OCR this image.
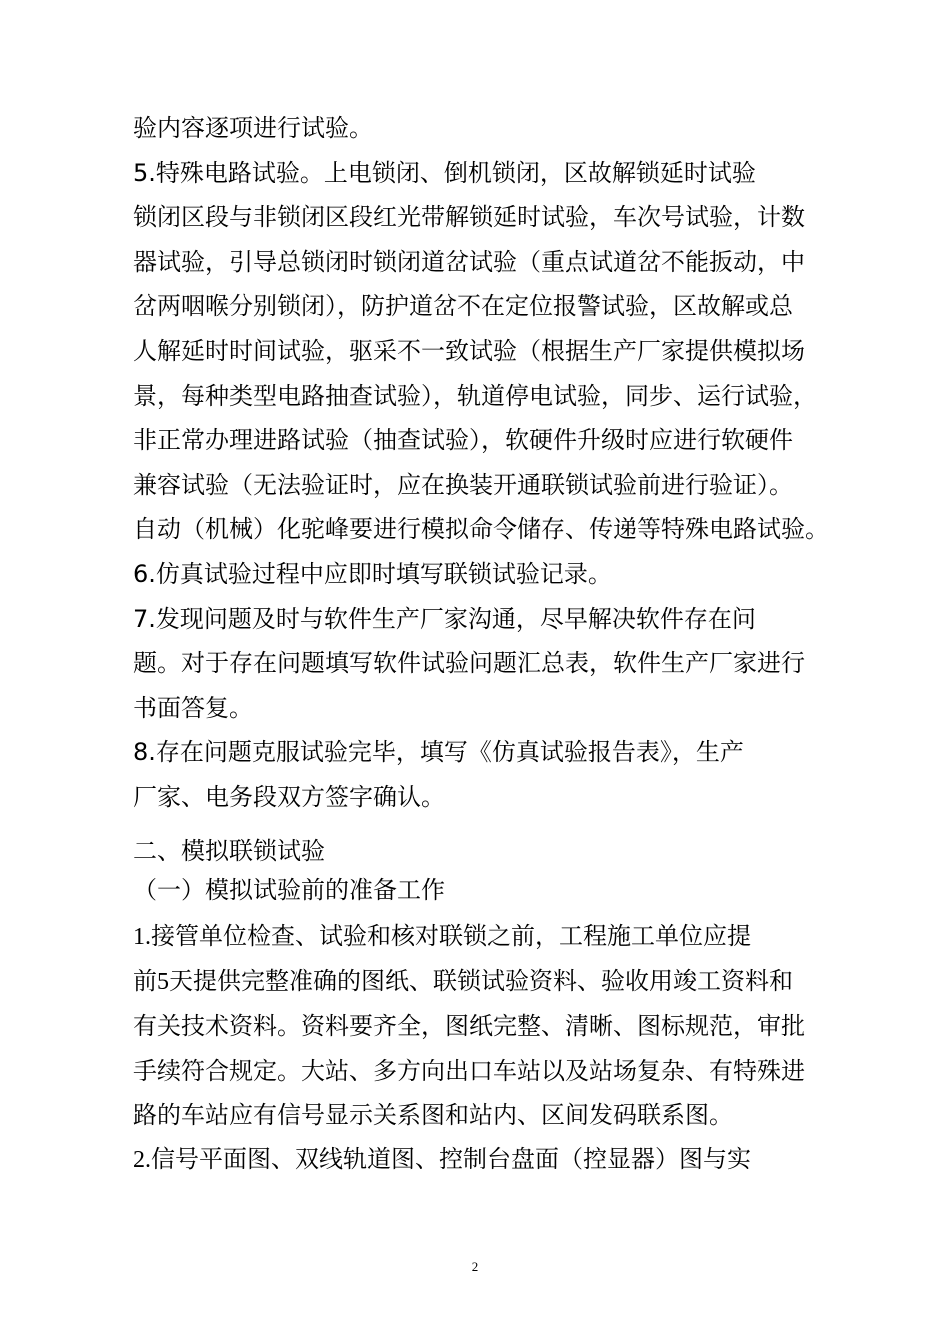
验内容逐项进行试验。

5.特殊电路试验。上电锁闭、倒机锁闭，区故解锁延时试验

锁闭区段与非锁闭区段红光带解锁延时试验，车次号试验，计数

器试验，引导总锁闭时锁闭道岔试验（重点试道岔不能扳动，中

岔两咽喉分别锁闭），防护道岔不在定位报警试验，区故解或总

人解延时时间试验，驱采不一致试验（根据生产厂家提供模拟场

景，每种类型电路抽查试验），轨道停电试验，同步、运行试验，

非正常办理进路试验（抽查试验），软硬件升级时应进行软硬件

兼容试验（无法验证时，应在换装开通联锁试验前进行验证）。

自动（机械）化驼峰要进行模拟命令储存、传递等特殊电路试验。

6.仿真试验过程中应即时填写联锁试验记录。

7.发现问题及时与软件生产厂家沟通，尽早解决软件存在问

题。对于存在问题填写软件试验问题汇总表，软件生产厂家进行

书面答复。

8.存在问题克服试验完毕，填写《仿真试验报告表》，生产

厂家、电务段双方签字确认。

二、模拟联锁试验

（一）模拟试验前的准备工作

1.接管单位检查、试验和核对联锁之前，工程施工单位应提

前5天提供完整准确的图纸、联锁试验资料、验收用竣工资料和

有关技术资料。资料要齐全，图纸完整、清晰、图标规范，审批

手续符合规定。大站、多方向出口车站以及站场复杂、有特殊进

路的车站应有信号显示关系图和站内、区间发码联系图。

2.信号平面图、双线轨道图、控制台盘面（控显器）图与实

2
